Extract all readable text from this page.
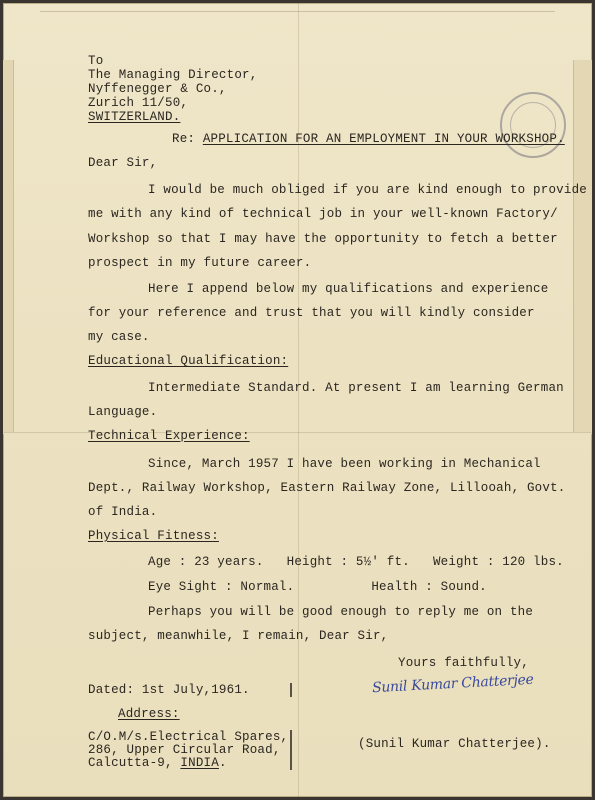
To
The Managing Director,
Nyffenegger & Co.,
Zurich 11/50,
SWITZERLAND.
Re: APPLICATION FOR AN EMPLOYMENT IN YOUR WORKSHOP.
Dear Sir,
I would be much obliged if you are kind enough to provide
me with any kind of technical job in your well-known Factory/
Workshop so that I may have the opportunity to fetch a better
prospect in my future career.
Here I append below my qualifications and experience
for your reference and trust that you will kindly consider
my case.
Educational Qualification:
Intermediate Standard. At present I am learning German
Language.
Technical Experience:
Since, March 1957 I have been working in Mechanical
Dept., Railway Workshop, Eastern Railway Zone, Lillooah, Govt.
of India.
Physical Fitness:
Age : 23 years.   Height : 5½' ft.   Weight : 120 lbs.
Eye Sight : Normal.          Health : Sound.
Perhaps you will be good enough to reply me on the
subject, meanwhile, I remain, Dear Sir,
Yours faithfully,
Sunil Kumar Chatterjee
Dated: 1st July,1961.
Address:
C/O.M/s.Electrical Spares,
286, Upper Circular Road,
Calcutta-9, INDIA.
(Sunil Kumar Chatterjee).
